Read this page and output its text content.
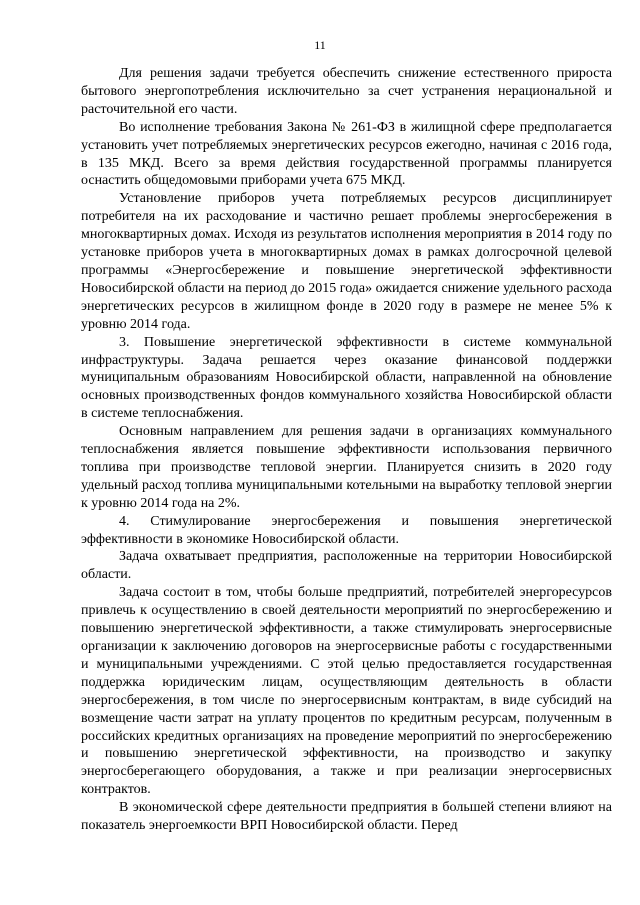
11

Для решения задачи требуется обеспечить снижение естественного прироста бытового энергопотребления исключительно за счет устранения нерациональной и расточительной его части.

Во исполнение требования Закона № 261-ФЗ в жилищной сфере предполагается установить учет потребляемых энергетических ресурсов ежегодно, начиная с 2016 года, в 135 МКД. Всего за время действия государственной программы планируется оснастить общедомовыми приборами учета 675 МКД.

Установление приборов учета потребляемых ресурсов дисциплинирует потребителя на их расходование и частично решает проблемы энергосбережения в многоквартирных домах. Исходя из результатов исполнения мероприятия в 2014 году по установке приборов учета в многоквартирных домах в рамках долгосрочной целевой программы «Энергосбережение и повышение энергетической эффективности Новосибирской области на период до 2015 года» ожидается снижение удельного расхода энергетических ресурсов в жилищном фонде в 2020 году в размере не менее 5% к уровню 2014 года.

3. Повышение энергетической эффективности в системе коммунальной инфраструктуры. Задача решается через оказание финансовой поддержки муниципальным образованиям Новосибирской области, направленной на обновление основных производственных фондов коммунального хозяйства Новосибирской области в системе теплоснабжения.

Основным направлением для решения задачи в организациях коммунального теплоснабжения является повышение эффективности использования первичного топлива при производстве тепловой энергии. Планируется снизить в 2020 году удельный расход топлива муниципальными котельными на выработку тепловой энергии к уровню 2014 года на 2%.

4. Стимулирование энергосбережения и повышения энергетической эффективности в экономике Новосибирской области.

Задача охватывает предприятия, расположенные на территории Новосибирской области.

Задача состоит в том, чтобы больше предприятий, потребителей энергоресурсов привлечь к осуществлению в своей деятельности мероприятий по энергосбережению и повышению энергетической эффективности, а также стимулировать энергосервисные организации к заключению договоров на энергосервисные работы с государственными и муниципальными учреждениями. С этой целью предоставляется государственная поддержка юридическим лицам, осуществляющим деятельность в области энергосбережения, в том числе по энергосервисным контрактам, в виде субсидий на возмещение части затрат на уплату процентов по кредитным ресурсам, полученным в российских кредитных организациях на проведение мероприятий по энергосбережению и повышению энергетической эффективности, на производство и закупку энергосберегающего оборудования, а также и при реализации энергосервисных контрактов.

В экономической сфере деятельности предприятия в большей степени влияют на показатель энергоемкости ВРП Новосибирской области. Перед
